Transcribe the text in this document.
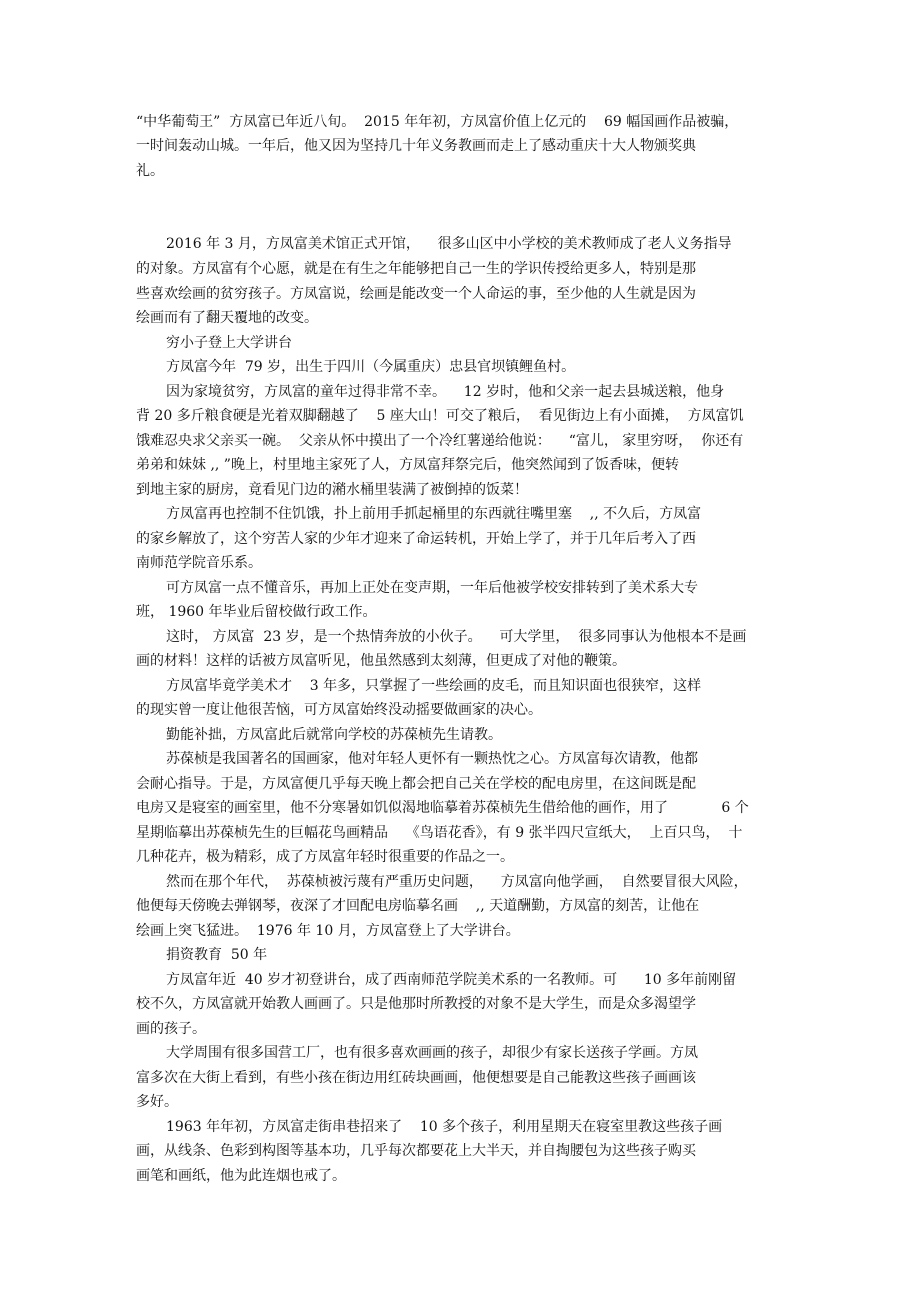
“中华葡萄王”  方凤富已年近八旬。  2015 年年初，方凤富价值上亿元的    69 幅国画作品被骗，
一时间轰动山城。一年后，他又因为坚持几十年义务教画而走上了感动重庆十大人物颁奖典
礼。
2016 年 3 月，方凤富美术馆正式开馆，    很多山区中小学校的美术教师成了老人义务指导
的对象。方凤富有个心愿，就是在有生之年能够把自己一生的学识传授给更多人，特别是那
些喜欢绘画的贫穷孩子。方凤富说，绘画是能改变一个人命运的事，至少他的人生就是因为
绘画而有了翻天覆地的改变。
穷小子登上大学讲台
方凤富今年  79 岁，出生于四川（今属重庆）忠县官坝镇鲤鱼村。
因为家境贫穷，方凤富的童年过得非常不幸。    12 岁时，他和父亲一起去县城送粮，他身
背 20 多斤粮食硬是光着双脚翻越了    5 座大山！可交了粮后，  看见街边上有小面摊，  方凤富饥
饿难忍央求父亲买一碗。  父亲从怀中摸出了一个冷红薯递给他说：    “富儿， 家里穷呀，  你还有
弟弟和妹妹 ,, ”晚上，村里地主家死了人，方凤富拜祭完后，他突然闻到了饭香味，便转
到地主家的厨房，竟看见门边的潲水桶里装满了被倒掉的饭菜！
方凤富再也控制不住饥饿，扑上前用手抓起桶里的东西就往嘴里塞    ,, 不久后，方凤富
的家乡解放了，这个穷苦人家的少年才迎来了命运转机，开始上学了，并于几年后考入了西
南师范学院音乐系。
可方凤富一点不懂音乐，再加上正处在变声期，一年后他被学校安排转到了美术系大专
班， 1960 年毕业后留校做行政工作。
这时， 方凤富  23 岁，是一个热情奔放的小伙子。    可大学里，  很多同事认为他根本不是画
画的材料！这样的话被方凤富听见，他虽然感到太刻薄，但更成了对他的鞭策。
方凤富毕竟学美术才    3 年多，只掌握了一些绘画的皮毛，而且知识面也很狭窄，这样
的现实曾一度让他很苦恼，可方凤富始终没动摇要做画家的决心。
勤能补拙，方凤富此后就常向学校的苏葆桢先生请教。
苏葆桢是我国著名的国画家，他对年轻人更怀有一颗热忱之心。方凤富每次请教，他都
会耐心指导。于是，方凤富便几乎每天晚上都会把自己关在学校的配电房里，在这间既是配
电房又是寝室的画室里，他不分寒暑如饥似渴地临摹着苏葆桢先生借给他的画作，用了            6 个
星期临摹出苏葆桢先生的巨幅花鸟画精品    《鸟语花香》，有 9 张半四尺宣纸大，  上百只鸟，  十
几种花卉，极为精彩，成了方凤富年轻时很重要的作品之一。
然而在那个年代，  苏葆桢被污蔑有严重历史问题，    方凤富向他学画，  自然要冒很大风险，
他便每天傍晚去弹钢琴，夜深了才回配电房临摹名画    ,, 天道酬勤，方凤富的刻苦，让他在
绘画上突飞猛进。  1976 年 10 月，方凤富登上了大学讲台。
捐资教育  50 年
方凤富年近  40 岁才初登讲台，成了西南师范学院美术系的一名教师。可      10 多年前刚留
校不久，方凤富就开始教人画画了。只是他那时所教授的对象不是大学生，而是众多渴望学
画的孩子。
大学周围有很多国营工厂，也有很多喜欢画画的孩子，却很少有家长送孩子学画。方凤
富多次在大街上看到，有些小孩在街边用红砖块画画，他便想要是自己能教这些孩子画画该
多好。
1963 年年初，方凤富走街串巷招来了    10 多个孩子，利用星期天在寝室里教这些孩子画
画，从线条、色彩到构图等基本功，几乎每次都要花上大半天，并自掏腰包为这些孩子购买
画笔和画纸，他为此连烟也戒了。
